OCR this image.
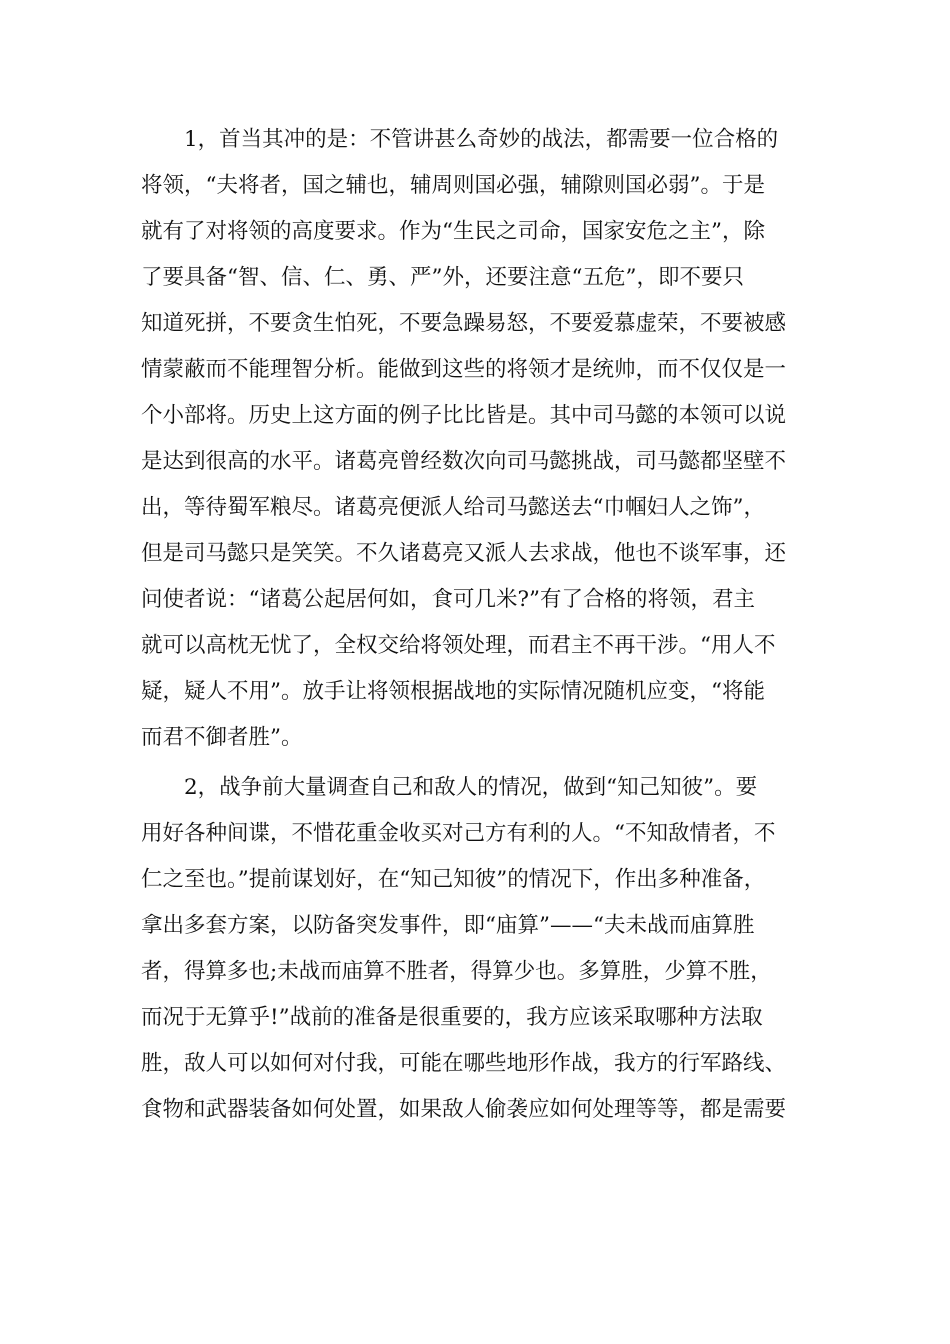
　　1，首当其冲的是：不管讲甚么奇妙的战法，都需要一位合格的
将领，“夫将者，国之辅也，辅周则国必强，辅隙则国必弱”。于是
就有了对将领的高度要求。作为“生民之司命，国家安危之主”，除
了要具备“智、信、仁、勇、严”外，还要注意“五危”，即不要只
知道死拼，不要贪生怕死，不要急躁易怒，不要爱慕虚荣，不要被感
情蒙蔽而不能理智分析。能做到这些的将领才是统帅，而不仅仅是一
个小部将。历史上这方面的例子比比皆是。其中司马懿的本领可以说
是达到很高的水平。诸葛亮曾经数次向司马懿挑战，司马懿都坚壁不
出，等待蜀军粮尽。诸葛亮便派人给司马懿送去“巾帼妇人之饰”，
但是司马懿只是笑笑。不久诸葛亮又派人去求战，他也不谈军事，还
问使者说：“诸葛公起居何如，食可几米?”有了合格的将领，君主
就可以高枕无忧了，全权交给将领处理，而君主不再干涉。“用人不
疑，疑人不用”。放手让将领根据战地的实际情况随机应变，“将能
而君不御者胜”。
　　2，战争前大量调查自己和敌人的情况，做到“知己知彼”。要
用好各种间谍，不惜花重金收买对己方有利的人。“不知敌情者，不
仁之至也。”提前谋划好，在“知己知彼”的情况下，作出多种准备，
拿出多套方案，以防备突发事件，即“庙算”——“夫未战而庙算胜
者，得算多也;未战而庙算不胜者，得算少也。多算胜，少算不胜，
而况于无算乎!”战前的准备是很重要的，我方应该采取哪种方法取
胜，敌人可以如何对付我，可能在哪些地形作战，我方的行军路线、
食物和武器装备如何处置，如果敌人偷袭应如何处理等等，都是需要
